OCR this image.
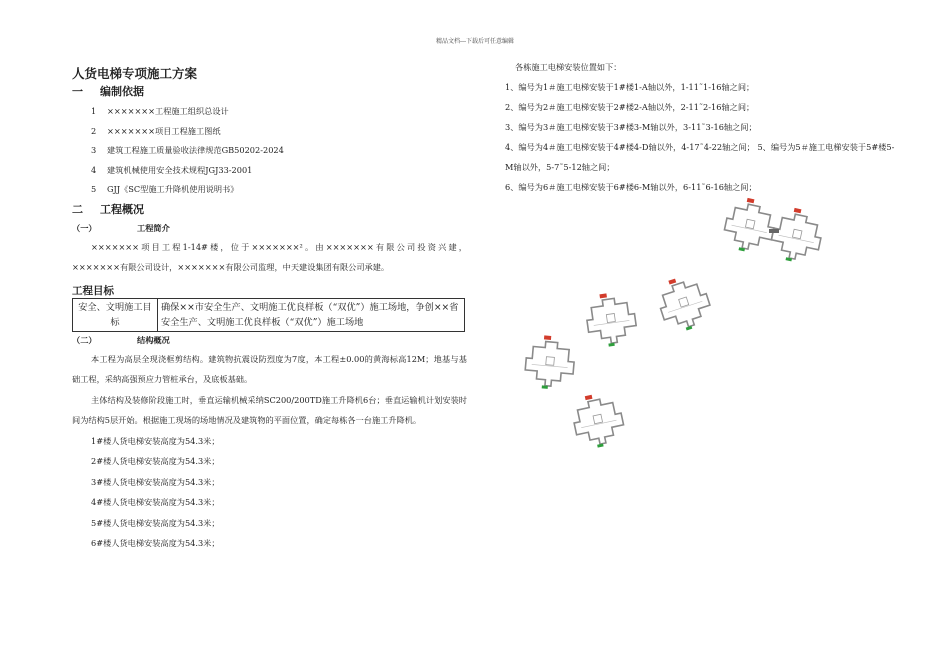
精品文档---下载后可任意编辑
人货电梯专项施工方案
一 编制依据
1 ×××××××工程施工组织总设计
2 ×××××××项目工程施工图纸
3 建筑工程施工质量验收法律规范GB50202-2024
4 建筑机械使用安全技术规程JGJ33-2001
5 GJJ《SC型施工升降机使用说明书》
二 工程概况
（一）	工程简介

×××××××项目工程1-14#楼，位于×××××××²。由×××××××有限公司投资兴建，×××××××有限公司设计，×××××××有限公司监理，中天建设集团有限公司承建。

工程目标
安全、文明施工目标	确保××市安全生产、文明施工优良样板（“双优”）施工场地，争创××省安全生产、文明施工优良样板（“双优”）施工场地
（二）	结构概况

本工程为高层全现浇框剪结构。建筑物抗震设防烈度为7度，本工程±0.00的黄海标高12M；地基与基础工程，采纳高强预应力管桩承台，及底板基础。

主体结构及装修阶段施工时，垂直运输机械采纳SC200/200TD施工升降机6台；垂直运输机计划安装时间为结构5层开始。根据施工现场的场地情况及建筑物的平面位置，确定每栋各一台施工升降机。

1#楼人货电梯安装高度为54.3米；

2#楼人货电梯安装高度为54.3米；

3#楼人货电梯安装高度为54.3米；

4#楼人货电梯安装高度为54.3米；

5#楼人货电梯安装高度为54.3米；

6#楼人货电梯安装高度为54.3米；

各栋施工电梯安装位置如下：
1、编号为1＃施工电梯安装于1#楼1-A轴以外，1-11˜1-16轴之间；
2、编号为2＃施工电梯安装于2#楼2-A轴以外，2-11˜2-16轴之间；
3、编号为3＃施工电梯安装于3#楼3-M轴以外，3-11˜3-16轴之间；
4、编号为4＃施工电梯安装于4#楼4-D轴以外，4-17˜4-22轴之间； 5、编号为5＃施工电梯安装于5#楼5-M轴以外，5-7˜5-12轴之间；
6、编号为6＃施工电梯安装于6#楼6-M轴以外，6-11˜6-16轴之间；
